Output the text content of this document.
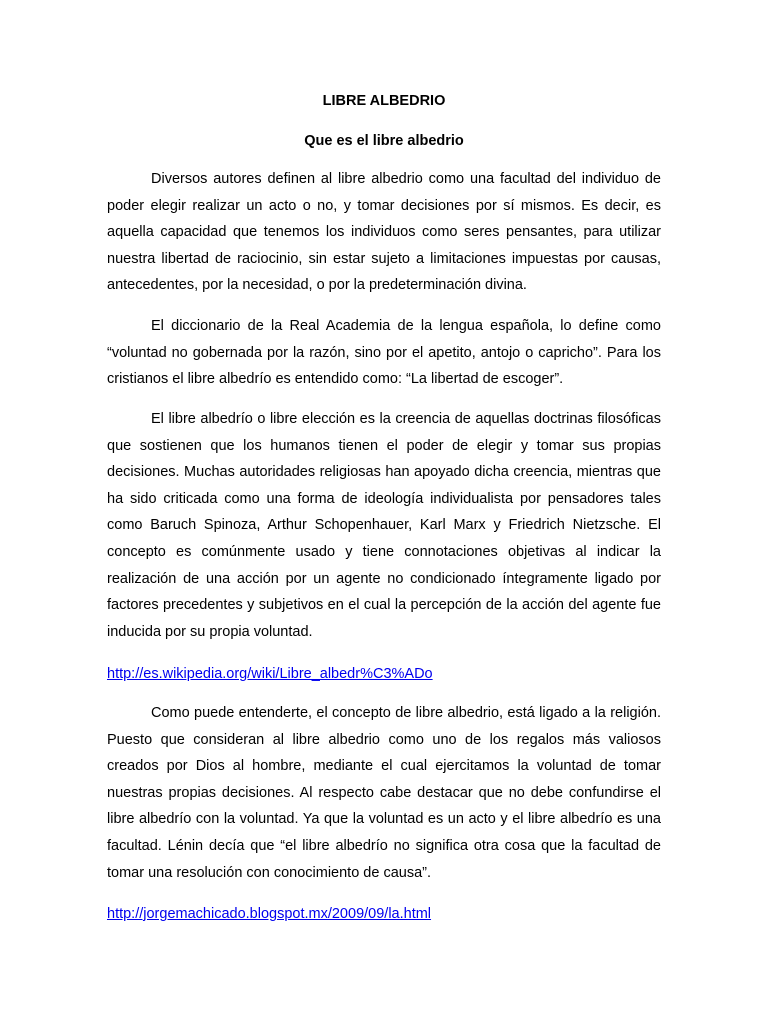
LIBRE ALBEDRIO
Que es el libre albedrio

Diversos autores definen al libre albedrio como una facultad del individuo de poder elegir realizar un acto o no, y tomar decisiones por sí mismos. Es decir, es aquella capacidad que tenemos los individuos como seres pensantes, para utilizar nuestra libertad de raciocinio, sin estar sujeto a limitaciones impuestas por causas, antecedentes, por la necesidad, o por la predeterminación divina.

El diccionario de la Real Academia de la lengua española, lo define como “voluntad no gobernada por la razón, sino por el apetito, antojo o capricho”. Para los cristianos el libre albedrío es entendido como: “La libertad de escoger”.

El libre albedrío o libre elección es la creencia de aquellas doctrinas filosóficas que sostienen que los humanos tienen el poder de elegir y tomar sus propias decisiones. Muchas autoridades religiosas han apoyado dicha creencia, mientras que ha sido criticada como una forma de ideología individualista por pensadores tales como Baruch Spinoza, Arthur Schopenhauer, Karl Marx y Friedrich Nietzsche. El concepto es comúnmente usado y tiene connotaciones objetivas al indicar la realización de una acción por un agente no condicionado íntegramente ligado por factores precedentes y subjetivos en el cual la percepción de la acción del agente fue inducida por su propia voluntad.

http://es.wikipedia.org/wiki/Libre_albedr%C3%ADo

Como puede entenderte, el concepto de libre albedrio, está ligado a la religión. Puesto que consideran al libre albedrio como uno de los regalos más valiosos creados por Dios al hombre, mediante el cual ejercitamos la voluntad de tomar nuestras propias decisiones. Al respecto cabe destacar que no debe confundirse el libre albedrío con la voluntad. Ya que la voluntad es un acto y el libre albedrío es una facultad. Lénin decía que “el libre albedrío no significa otra cosa que la facultad de tomar una resolución con conocimiento de causa”.

http://jorgemachicado.blogspot.mx/2009/09/la.html
